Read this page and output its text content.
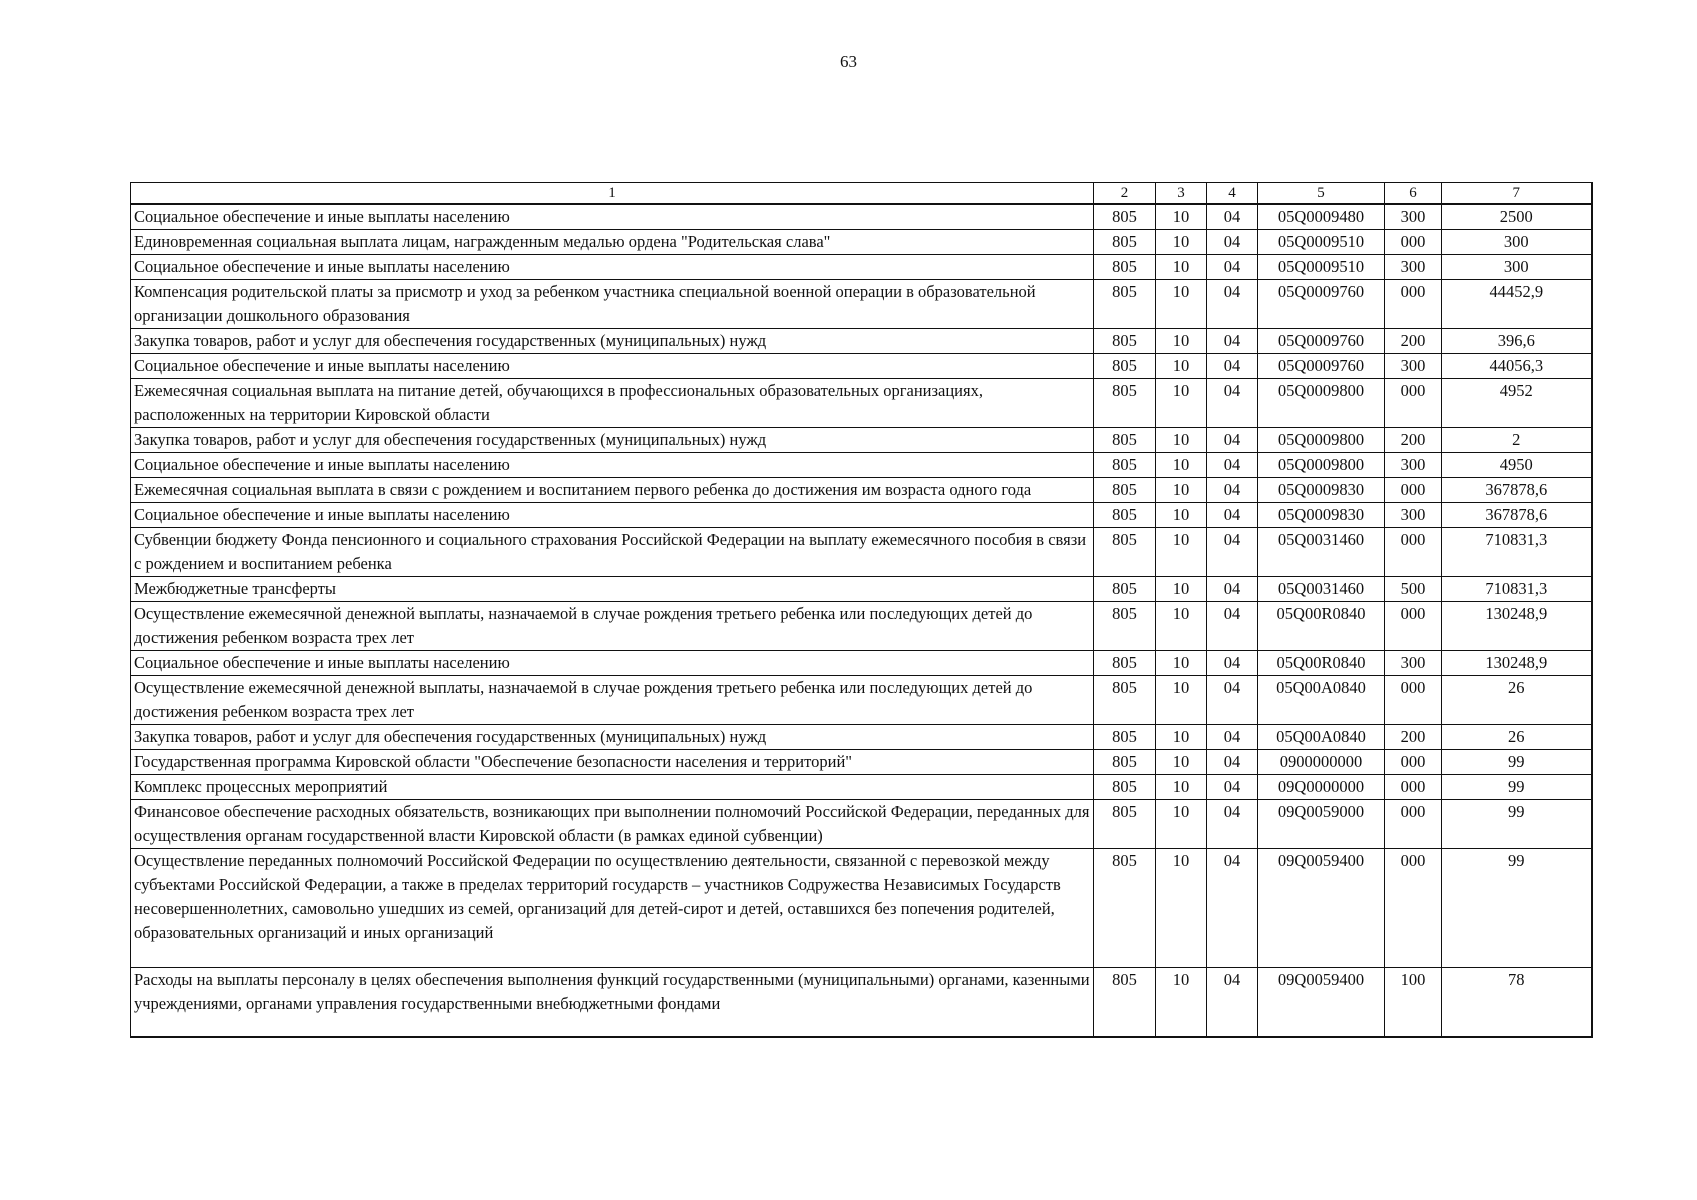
63
1	2	3	4	5	6	7
Социальное обеспечение и иные выплаты населению	805	10	04	05Q0009480	300	2500
Единовременная социальная выплата лицам, награжденным медалью ордена "Родительская слава"	805	10	04	05Q0009510	000	300
Социальное обеспечение и иные выплаты населению	805	10	04	05Q0009510	300	300
Компенсация родительской платы за присмотр и уход за ребенком участника специальной военной операции в образовательной организации дошкольного образования	805	10	04	05Q0009760	000	44452,9
Закупка товаров, работ и услуг для обеспечения государственных (муниципальных) нужд	805	10	04	05Q0009760	200	396,6
Социальное обеспечение и иные выплаты населению	805	10	04	05Q0009760	300	44056,3
Ежемесячная социальная выплата на питание детей, обучающихся в профессиональных образовательных организациях, расположенных на территории Кировской области	805	10	04	05Q0009800	000	4952
Закупка товаров, работ и услуг для обеспечения государственных (муниципальных) нужд	805	10	04	05Q0009800	200	2
Социальное обеспечение и иные выплаты населению	805	10	04	05Q0009800	300	4950
Ежемесячная социальная выплата в связи с рождением и воспитанием первого ребенка до достижения им возраста одного года	805	10	04	05Q0009830	000	367878,6
Социальное обеспечение и иные выплаты населению	805	10	04	05Q0009830	300	367878,6
Субвенции бюджету Фонда пенсионного и социального страхования Российской Федерации на выплату ежемесячного пособия в связи с рождением и воспитанием ребенка	805	10	04	05Q0031460	000	710831,3
Межбюджетные трансферты	805	10	04	05Q0031460	500	710831,3
Осуществление ежемесячной денежной выплаты, назначаемой в случае рождения третьего ребенка или последующих детей до достижения ребенком возраста трех лет	805	10	04	05Q00R0840	000	130248,9
Социальное обеспечение и иные выплаты населению	805	10	04	05Q00R0840	300	130248,9
Осуществление ежемесячной денежной выплаты, назначаемой в случае рождения третьего ребенка или последующих детей до достижения ребенком возраста трех лет	805	10	04	05Q00A0840	000	26
Закупка товаров, работ и услуг для обеспечения государственных (муниципальных) нужд	805	10	04	05Q00A0840	200	26
Государственная программа Кировской области "Обеспечение безопасности населения и территорий"	805	10	04	0900000000	000	99
Комплекс процессных мероприятий	805	10	04	09Q0000000	000	99
Финансовое обеспечение расходных обязательств, возникающих при выполнении полномочий Российской Федерации, переданных для осуществления органам государственной власти Кировской области (в рамках единой субвенции)	805	10	04	09Q0059000	000	99
Осуществление переданных полномочий Российской Федерации по осуществлению деятельности, связанной с перевозкой между субъектами Российской Федерации, а также в пределах территорий государств – участников Содружества Независимых Государств несовершеннолетних, самовольно ушедших из семей, организаций для детей-сирот и детей, оставшихся без попечения родителей, образовательных организаций и иных организаций	805	10	04	09Q0059400	000	99
Расходы на выплаты персоналу в целях обеспечения выполнения функций государственными (муниципальными) органами, казенными учреждениями, органами управления государственными внебюджетными фондами	805	10	04	09Q0059400	100	78
